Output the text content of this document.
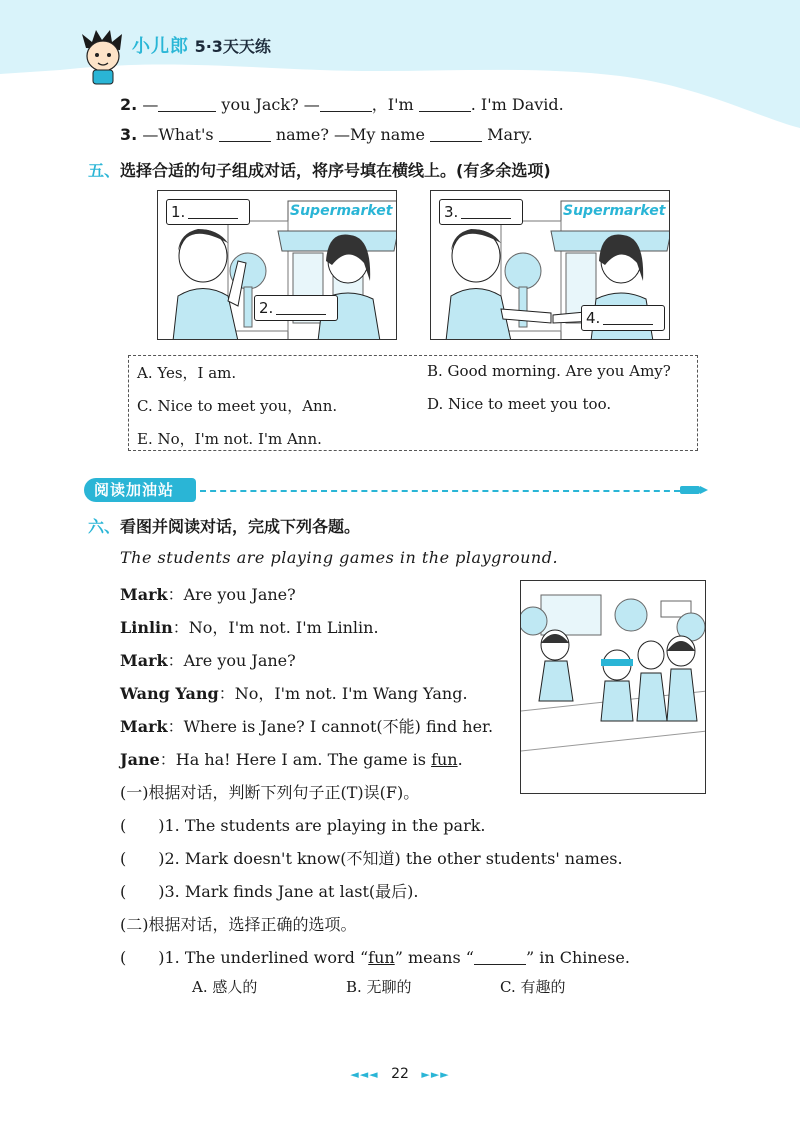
小儿郎 5·3天天练
2. —	you Jack? —	，I'm	. I'm David.
3. —What's	name? —My name	Mary.
五、选择合适的句子组成对话，将序号填在横线上。(有多余选项)
1.
2.
Supermarket	3.
4.
Supermarket
A. Yes，I am.	B. Good morning. Are you Amy?
C. Nice to meet you，Ann.	D. Nice to meet you too.
E. No，I'm not. I'm Ann.
阅读加油站
六、看图并阅读对话，完成下列各题。
The students are playing games in the playground.
Mark：Are you Jane?
Linlin：No，I'm not. I'm Linlin.
Mark：Are you Jane?
Wang Yang：No，I'm not. I'm Wang Yang.
Mark：Where is Jane? I cannot(不能) find her.
Jane：Ha ha! Here I am. The game is fun.
(一)根据对话，判断下列句子正(T)误(F)。
(　　)1. The students are playing in the park.
(　　)2. Mark doesn't know(不知道) the other students' names.
(　　)3. Mark finds Jane at last(最后).
(二)根据对话，选择正确的选项。
(　　)1. The underlined word “fun” means “	” in Chinese.
A. 感人的	B. 无聊的	C. 有趣的
◄◄◄ 22 ►►►
